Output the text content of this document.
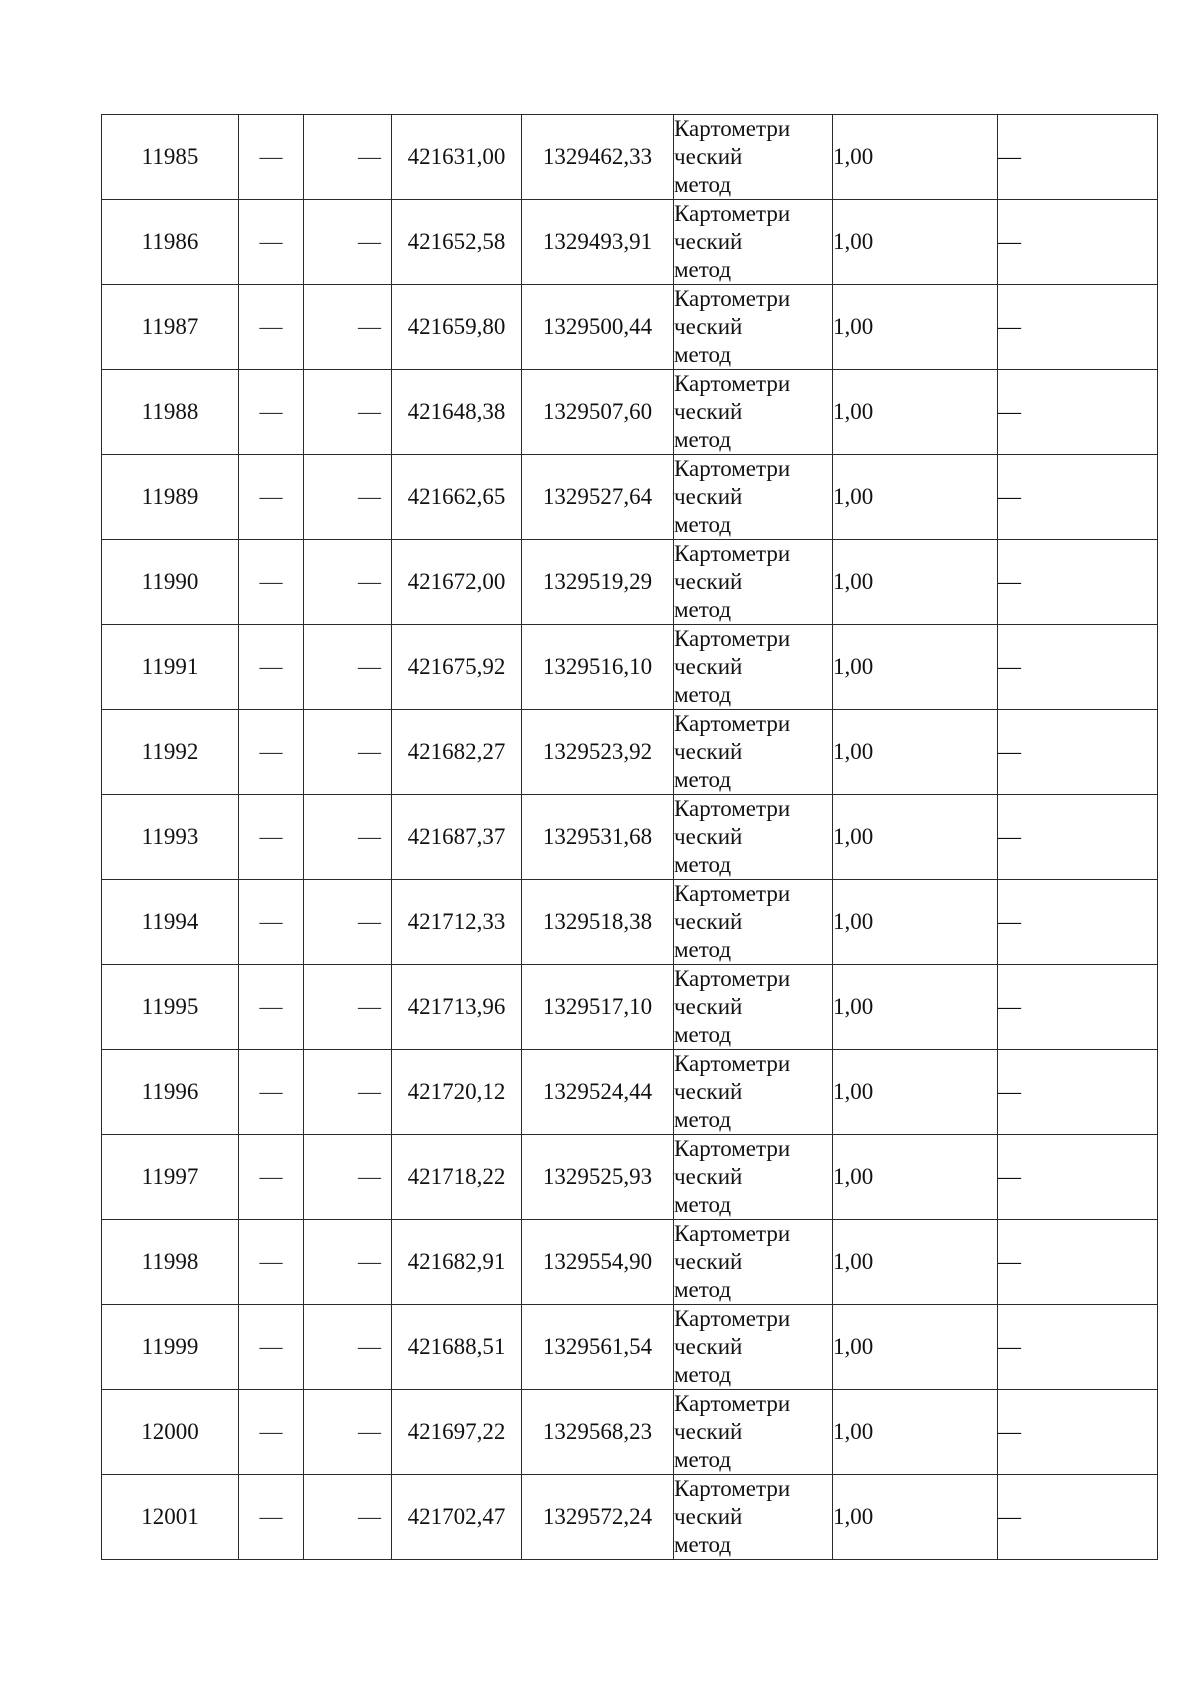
11985	—	—	421631,00	1329462,33	Картометри
ческий
метод	1,00	—
11986	—	—	421652,58	1329493,91	Картометри
ческий
метод	1,00	—
11987	—	—	421659,80	1329500,44	Картометри
ческий
метод	1,00	—
11988	—	—	421648,38	1329507,60	Картометри
ческий
метод	1,00	—
11989	—	—	421662,65	1329527,64	Картометри
ческий
метод	1,00	—
11990	—	—	421672,00	1329519,29	Картометри
ческий
метод	1,00	—
11991	—	—	421675,92	1329516,10	Картометри
ческий
метод	1,00	—
11992	—	—	421682,27	1329523,92	Картометри
ческий
метод	1,00	—
11993	—	—	421687,37	1329531,68	Картометри
ческий
метод	1,00	—
11994	—	—	421712,33	1329518,38	Картометри
ческий
метод	1,00	—
11995	—	—	421713,96	1329517,10	Картометри
ческий
метод	1,00	—
11996	—	—	421720,12	1329524,44	Картометри
ческий
метод	1,00	—
11997	—	—	421718,22	1329525,93	Картометри
ческий
метод	1,00	—
11998	—	—	421682,91	1329554,90	Картометри
ческий
метод	1,00	—
11999	—	—	421688,51	1329561,54	Картометри
ческий
метод	1,00	—
12000	—	—	421697,22	1329568,23	Картометри
ческий
метод	1,00	—
12001	—	—	421702,47	1329572,24	Картометри
ческий
метод	1,00	—
